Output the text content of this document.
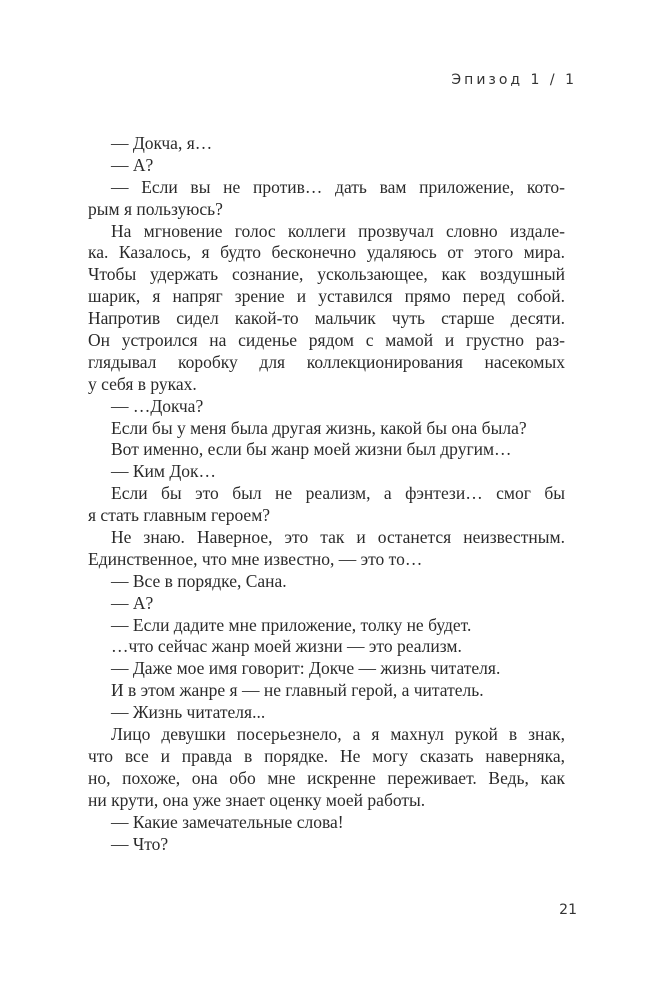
Эпизод 1 / 1
— Докча, я…
— А?
— Если вы не против… дать вам приложение, кото-
рым я пользуюсь?
На мгновение голос коллеги прозвучал словно издале-
ка. Казалось, я будто бесконечно удаляюсь от этого мира.
Чтобы удержать сознание, ускользающее, как воздушный
шарик, я напряг зрение и уставился прямо перед собой.
Напротив сидел какой-то мальчик чуть старше десяти.
Он устроился на сиденье рядом с мамой и грустно раз-
глядывал коробку для коллекционирования насекомых
у себя в руках.
— …Докча?
Если бы у меня была другая жизнь, какой бы она была?
Вот именно, если бы жанр моей жизни был другим…
— Ким Док…
Если бы это был не реализм, а фэнтези… смог бы
я стать главным героем?
Не знаю. Наверное, это так и останется неизвестным.
Единственное, что мне известно, — это то…
— Все в порядке, Сана.
— А?
— Если дадите мне приложение, толку не будет.
…что сейчас жанр моей жизни — это реализм.
— Даже мое имя говорит: Докче — жизнь читателя.
И в этом жанре я — не главный герой, а читатель.
— Жизнь читателя...
Лицо девушки посерьезнело, а я махнул рукой в знак,
что все и правда в порядке. Не могу сказать наверняка,
но, похоже, она обо мне искренне переживает. Ведь, как
ни крути, она уже знает оценку моей работы.
— Какие замечательные слова!
— Что?
21
